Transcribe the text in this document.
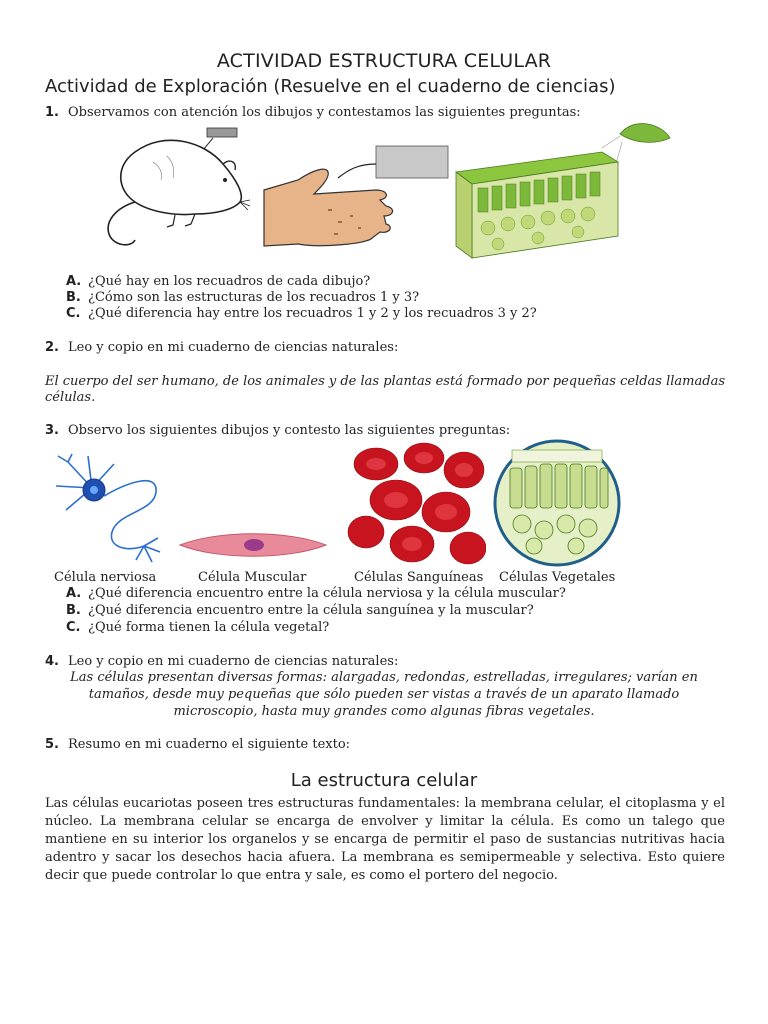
ACTIVIDAD ESTRUCTURA CELULAR
Actividad de Exploración (Resuelve en el cuaderno de ciencias)
1. Observamos con atención los dibujos y contestamos las siguientes preguntas:
A. ¿Qué hay en los recuadros de cada dibujo?
B. ¿Cómo son las estructuras de los recuadros 1 y 3?
C. ¿Qué diferencia hay entre los recuadros 1 y 2 y los recuadros 3 y 2?
2. Leo y copio en mi cuaderno de ciencias naturales:
El cuerpo del ser humano, de los animales y de las plantas está formado por pequeñas celdas llamadas
células.
3. Observo los siguientes dibujos y contesto las siguientes preguntas:
Célula nerviosa	Célula Muscular	Células Sanguíneas Células Vegetales
A. ¿Qué diferencia encuentro entre la célula nerviosa y la célula muscular?
B. ¿Qué diferencia encuentro entre la célula sanguínea y la muscular?
C. ¿Qué forma tienen la célula vegetal?
4. Leo y copio en mi cuaderno de ciencias naturales:
Las células presentan diversas formas: alargadas, redondas, estrelladas, irregulares; varían en
tamaños, desde muy pequeñas que sólo pueden ser vistas a través de un aparato llamado
microscopio, hasta muy grandes como algunas fibras vegetales.
5. Resumo en mi cuaderno el siguiente texto:
La estructura celular
Las células eucariotas poseen tres estructuras fundamentales: la membrana celular, el citoplasma y el núcleo. La membrana celular se encarga de envolver y limitar la célula. Es como un talego que mantiene en su interior los organelos y se encarga de permitir el paso de sustancias nutritivas hacia adentro y sacar los desechos hacia afuera. La membrana es semipermeable y selectiva. Esto quiere decir que puede controlar lo que entra y sale, es como el portero del negocio.
